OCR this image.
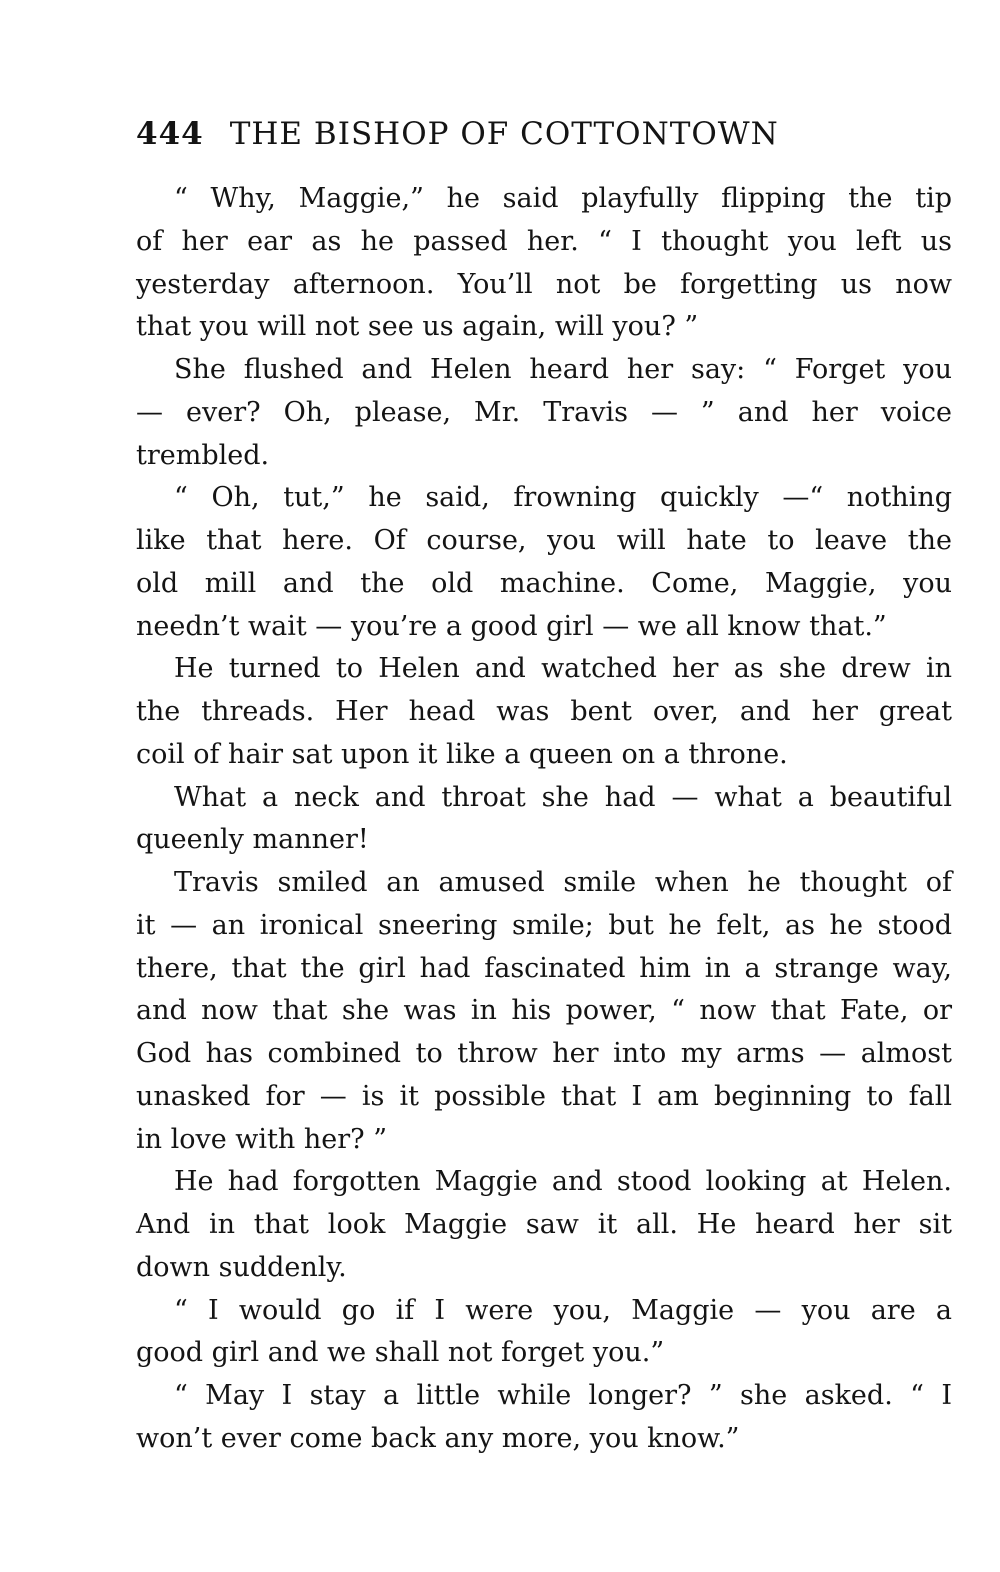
444 THE BISHOP OF COTTONTOWN
“ Why, Maggie,” he said playfully flipping the tip
of her ear as he passed her. “ I thought you left us
yesterday afternoon. You’ll not be forgetting us now
that you will not see us again, will you? ”
She flushed and Helen heard her say: “ Forget you
— ever? Oh, please, Mr. Travis — ” and her voice
trembled.
“ Oh, tut,” he said, frowning quickly —“ nothing
like that here. Of course, you will hate to leave the
old mill and the old machine. Come, Maggie, you
needn’t wait — you’re a good girl — we all know that.”
He turned to Helen and watched her as she drew in
the threads. Her head was bent over, and her great
coil of hair sat upon it like a queen on a throne.
What a neck and throat she had — what a beautiful
queenly manner!
Travis smiled an amused smile when he thought of
it — an ironical sneering smile; but he felt, as he stood
there, that the girl had fascinated him in a strange way,
and now that she was in his power, “ now that Fate, or
God has combined to throw her into my arms — almost
unasked for — is it possible that I am beginning to fall
in love with her? ”
He had forgotten Maggie and stood looking at Helen.
And in that look Maggie saw it all. He heard her sit
down suddenly.
“ I would go if I were you, Maggie — you are a
good girl and we shall not forget you.”
“ May I stay a little while longer? ” she asked. “ I
won’t ever come back any more, you know.”
